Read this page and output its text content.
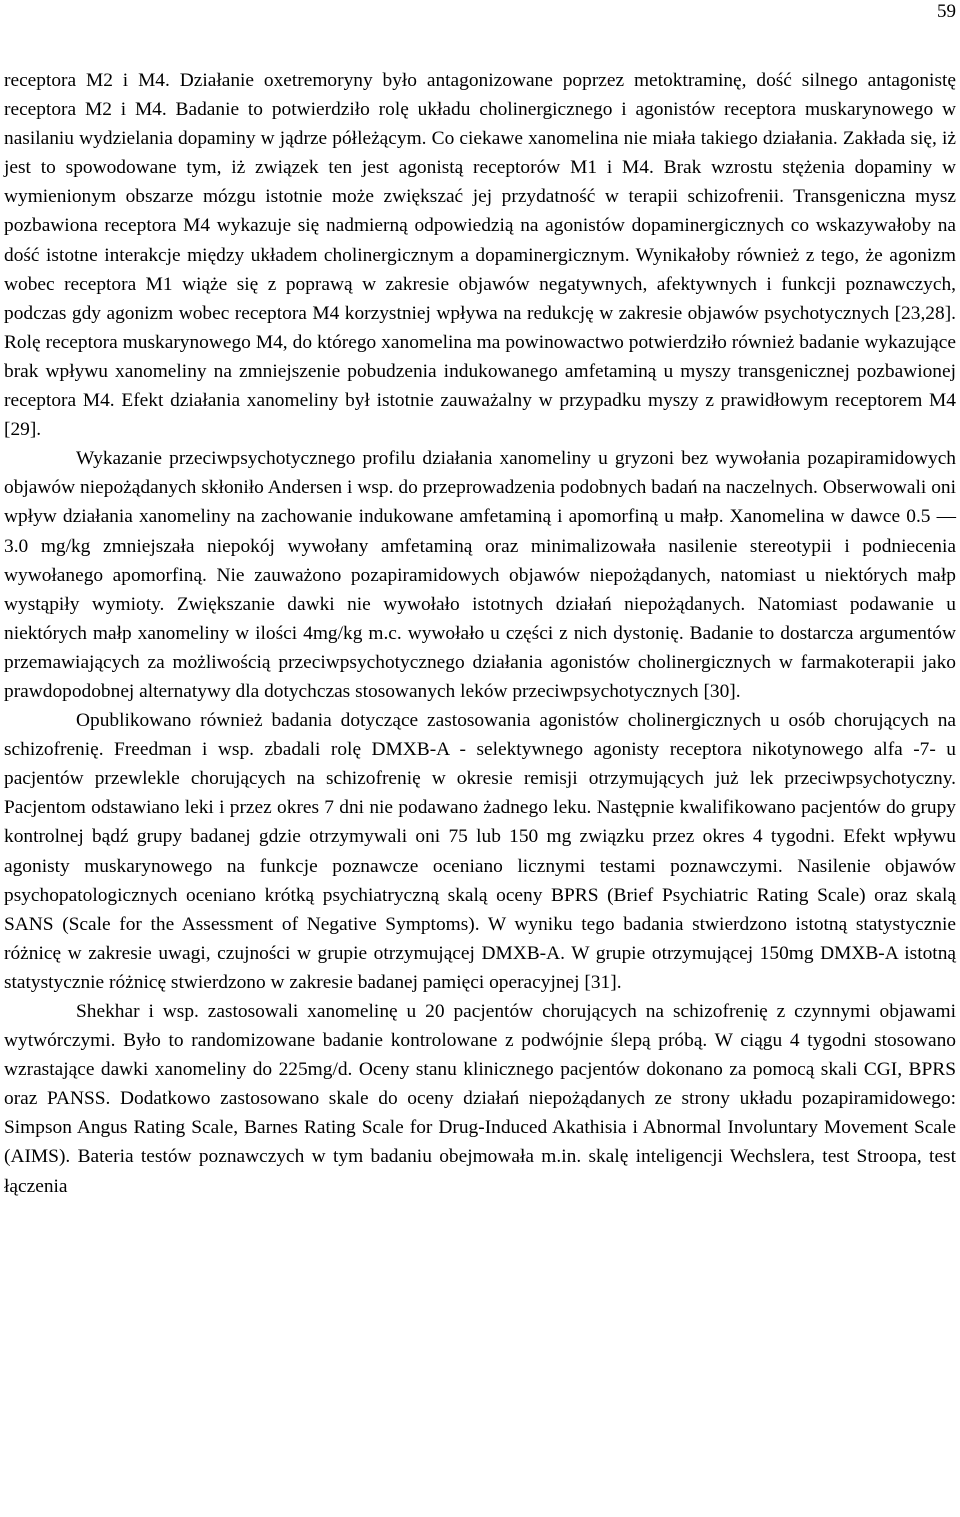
59

receptora M2 i M4. Działanie oxetremoryny było antagonizowane poprzez metoktraminę, dość silnego antagonistę receptora M2 i M4. Badanie to potwierdziło rolę układu cholinergicznego i agonistów receptora muskarynowego w nasilaniu wydzielania dopaminy w jądrze półleżącym. Co ciekawe xanomelina nie miała takiego działania. Zakłada się, iż jest to spowodowane tym, iż związek ten jest agonistą receptorów M1 i M4. Brak wzrostu stężenia dopaminy w wymienionym obszarze mózgu istotnie może zwiększać jej przydatność w terapii schizofrenii. Transgeniczna mysz pozbawiona receptora M4 wykazuje się nadmierną odpowiedzią na agonistów dopaminergicznych co wskazywałoby na dość istotne interakcje między układem cholinergicznym a dopaminergicznym. Wynikałoby również z tego, że agonizm wobec receptora M1 wiąże się z poprawą w zakresie objawów negatywnych, afektywnych i funkcji poznawczych, podczas gdy agonizm wobec receptora M4 korzystniej wpływa na redukcję w zakresie objawów psychotycznych [23,28]. Rolę receptora muskarynowego M4, do którego xanomelina ma powinowactwo potwierdziło również badanie wykazujące brak wpływu xanomeliny na zmniejszenie pobudzenia indukowanego amfetaminą u myszy transgenicznej pozbawionej receptora M4. Efekt działania xanomeliny był istotnie zauważalny w przypadku myszy z prawidłowym receptorem M4 [29].

Wykazanie przeciwpsychotycznego profilu działania xanomeliny u gryzoni bez wywołania pozapiramidowych objawów niepożądanych skłoniło Andersen i wsp. do przeprowadzenia podobnych badań na naczelnych. Obserwowali oni wpływ działania xanomeliny na zachowanie indukowane amfetaminą i apomorfiną u małp. Xanomelina w dawce 0.5 — 3.0 mg/kg zmniejszała niepokój wywołany amfetaminą oraz minimalizowała nasilenie stereotypii i podniecenia wywołanego apomorfiną. Nie zauważono pozapiramidowych objawów niepożądanych, natomiast u niektórych małp wystąpiły wymioty. Zwiększanie dawki nie wywołało istotnych działań niepożądanych. Natomiast podawanie u niektórych małp xanomeliny w ilości 4mg/kg m.c. wywołało u części z nich dystonię. Badanie to dostarcza argumentów przemawiających za możliwością przeciwpsychotycznego działania agonistów cholinergicznych w farmakoterapii jako prawdopodobnej alternatywy dla dotychczas stosowanych leków przeciwpsychotycznych [30].

Opublikowano również badania dotyczące zastosowania agonistów cholinergicznych u osób chorujących na schizofrenię. Freedman i wsp. zbadali rolę DMXB-A - selektywnego agonisty receptora nikotynowego alfa -7- u pacjentów przewlekle chorujących na schizofrenię w okresie remisji otrzymujących już lek przeciwpsychotyczny. Pacjentom odstawiano leki i przez okres 7 dni nie podawano żadnego leku. Następnie kwalifikowano pacjentów do grupy kontrolnej bądź grupy badanej gdzie otrzymywali oni 75 lub 150 mg związku przez okres 4 tygodni. Efekt wpływu agonisty muskarynowego na funkcje poznawcze oceniano licznymi testami poznawczymi. Nasilenie objawów psychopatologicznych oceniano krótką psychiatryczną skalą oceny BPRS (Brief Psychiatric Rating Scale) oraz skalą SANS (Scale for the Assessment of Negative Symptoms). W wyniku tego badania stwierdzono istotną statystycznie różnicę w zakresie uwagi, czujności w grupie otrzymującej DMXB-A. W grupie otrzymującej 150mg DMXB-A istotną statystycznie różnicę stwierdzono w zakresie badanej pamięci operacyjnej [31].

Shekhar i wsp. zastosowali xanomelinę u 20 pacjentów chorujących na schizofrenię z czynnymi objawami wytwórczymi. Było to randomizowane badanie kontrolowane z podwójnie ślepą próbą. W ciągu 4 tygodni stosowano wzrastające dawki xanomeliny do 225mg/d. Oceny stanu klinicznego pacjentów dokonano za pomocą skali CGI, BPRS oraz PANSS. Dodatkowo zastosowano skale do oceny działań niepożądanych ze strony układu pozapiramidowego: Simpson Angus Rating Scale, Barnes Rating Scale for Drug-Induced Akathisia i Abnormal Involuntary Movement Scale (AIMS). Bateria testów poznawczych w tym badaniu obejmowała m.in. skalę inteligencji Wechslera, test Stroopa, test łączenia
